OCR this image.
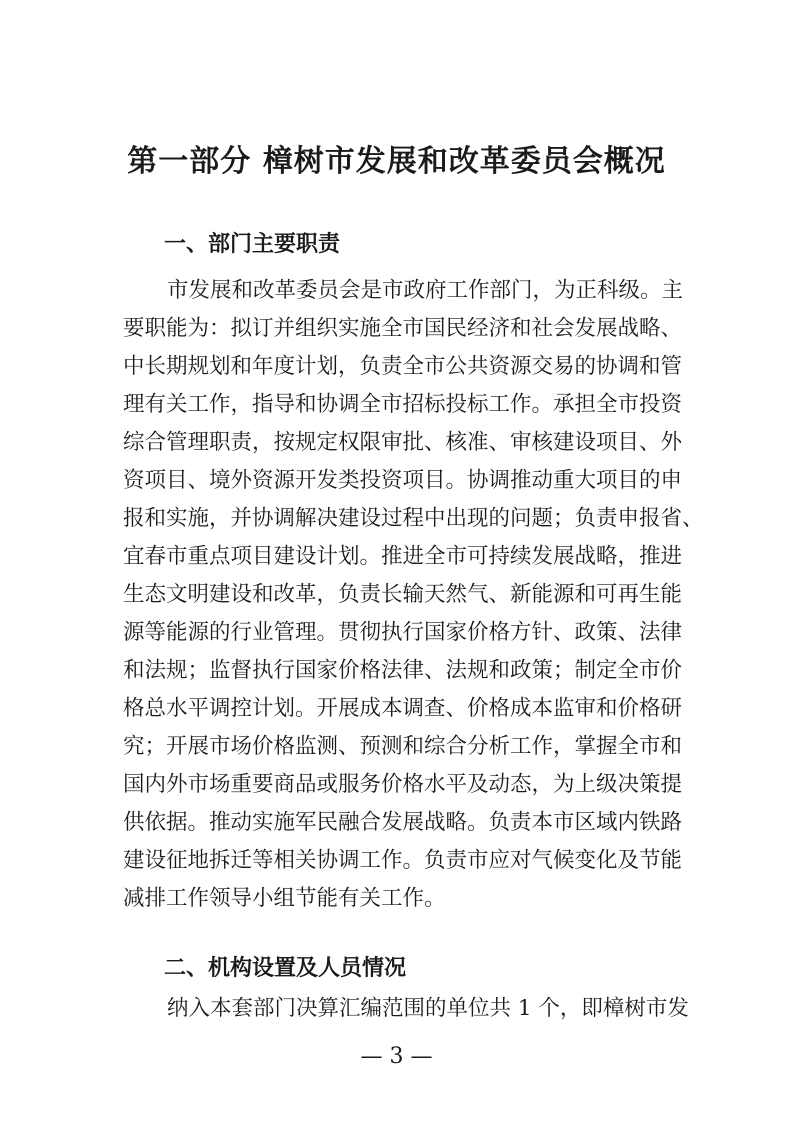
第一部分 樟树市发展和改革委员会概况
一、部门主要职责
市发展和改革委员会是市政府工作部门，为正科级。主
要职能为：拟订并组织实施全市国民经济和社会发展战略、
中长期规划和年度计划，负责全市公共资源交易的协调和管
理有关工作，指导和协调全市招标投标工作。承担全市投资
综合管理职责，按规定权限审批、核准、审核建设项目、外
资项目、境外资源开发类投资项目。协调推动重大项目的申
报和实施，并协调解决建设过程中出现的问题；负责申报省、
宜春市重点项目建设计划。推进全市可持续发展战略，推进
生态文明建设和改革，负责长输天然气、新能源和可再生能
源等能源的行业管理。贯彻执行国家价格方针、政策、法律
和法规；监督执行国家价格法律、法规和政策；制定全市价
格总水平调控计划。开展成本调查、价格成本监审和价格研
究；开展市场价格监测、预测和综合分析工作，掌握全市和
国内外市场重要商品或服务价格水平及动态，为上级决策提
供依据。推动实施军民融合发展战略。负责本市区域内铁路
建设征地拆迁等相关协调工作。负责市应对气候变化及节能
减排工作领导小组节能有关工作。
二、机构设置及人员情况
纳入本套部门决算汇编范围的单位共 1 个，即樟树市发
— 3 —
